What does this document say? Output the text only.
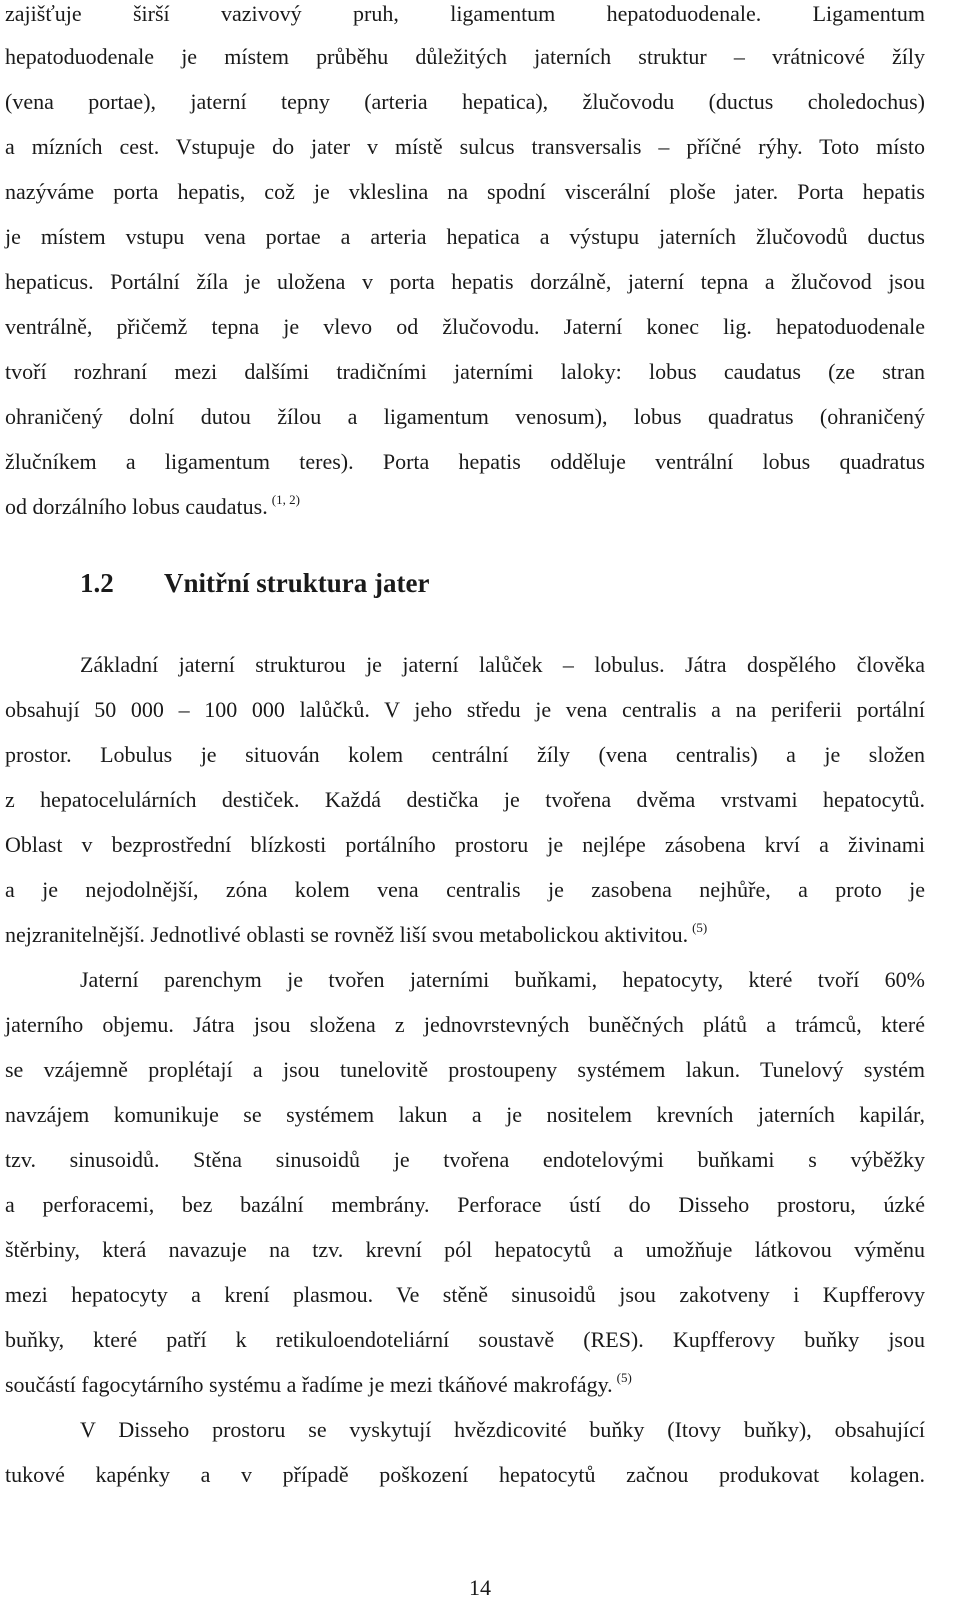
zajišťuje širší vazivový pruh, ligamentum hepatoduodenale. Ligamentum
hepatoduodenale je místem průběhu důležitých jaterních struktur – vrátnicové žíly
(vena portae), jaterní tepny (arteria hepatica), žlučovodu (ductus choledochus)
a mízních cest. Vstupuje do jater v místě sulcus transversalis – příčné rýhy. Toto místo
nazýváme porta hepatis, což je vkleslina na spodní viscerální ploše jater. Porta hepatis
je místem vstupu vena portae a arteria hepatica a výstupu jaterních žlučovodů ductus
hepaticus. Portální žíla je uložena v porta hepatis dorzálně, jaterní tepna a žlučovod jsou
ventrálně, přičemž tepna je vlevo od žlučovodu. Jaterní konec lig. hepatoduodenale
tvoří rozhraní mezi dalšími tradičními jaterními laloky: lobus caudatus (ze stran
ohraničený dolní dutou žílou a ligamentum venosum), lobus quadratus (ohraničený
žlučníkem a ligamentum teres). Porta hepatis odděluje ventrální lobus quadratus
od dorzálního lobus caudatus. $^{(1, 2)}$
1.2 Vnitřní struktura jater
Základní jaterní strukturou je jaterní lalůček – lobulus. Játra dospělého člověka
obsahují 50 000 – 100 000 lalůčků. V jeho středu je vena centralis a na periferii portální
prostor. Lobulus je situován kolem centrální žíly (vena centralis) a je složen
z hepatocelulárních destiček. Každá destička je tvořena dvěma vrstvami hepatocytů.
Oblast v bezprostřední blízkosti portálního prostoru je nejlépe zásobena krví a živinami
a je nejodolnější, zóna kolem vena centralis je zasobena nejhůře, a proto je
nejzranitelnější. Jednotlivé oblasti se rovněž liší svou metabolickou aktivitou. $^{(5)}$
Jaterní parenchym je tvořen jaterními buňkami, hepatocyty, které tvoří 60%
jaterního objemu. Játra jsou složena z jednovrstevných buněčných plátů a trámců, které
se vzájemně proplétají a jsou tunelovitě prostoupeny systémem lakun. Tunelový systém
navzájem komunikuje se systémem lakun a je nositelem krevních jaterních kapilár,
tzv. sinusoidů. Stěna sinusoidů je tvořena endotelovými buňkami s výběžky
a perforacemi, bez bazální membrány. Perforace ústí do Disseho prostoru, úzké
štěrbiny, která navazuje na tzv. krevní pól hepatocytů a umožňuje látkovou výměnu
mezi hepatocyty a krení plasmou. Ve stěně sinusoidů jsou zakotveny i Kupfferovy
buňky, které patří k retikuloendoteliární soustavě (RES). Kupfferovy buňky jsou
součástí fagocytárního systému a řadíme je mezi tkáňové makrofágy. $^{(5)}$
V Disseho prostoru se vyskytují hvězdicovité buňky (Itovy buňky), obsahující
tukové kapénky a v případě poškození hepatocytů začnou produkovat kolagen.
14
